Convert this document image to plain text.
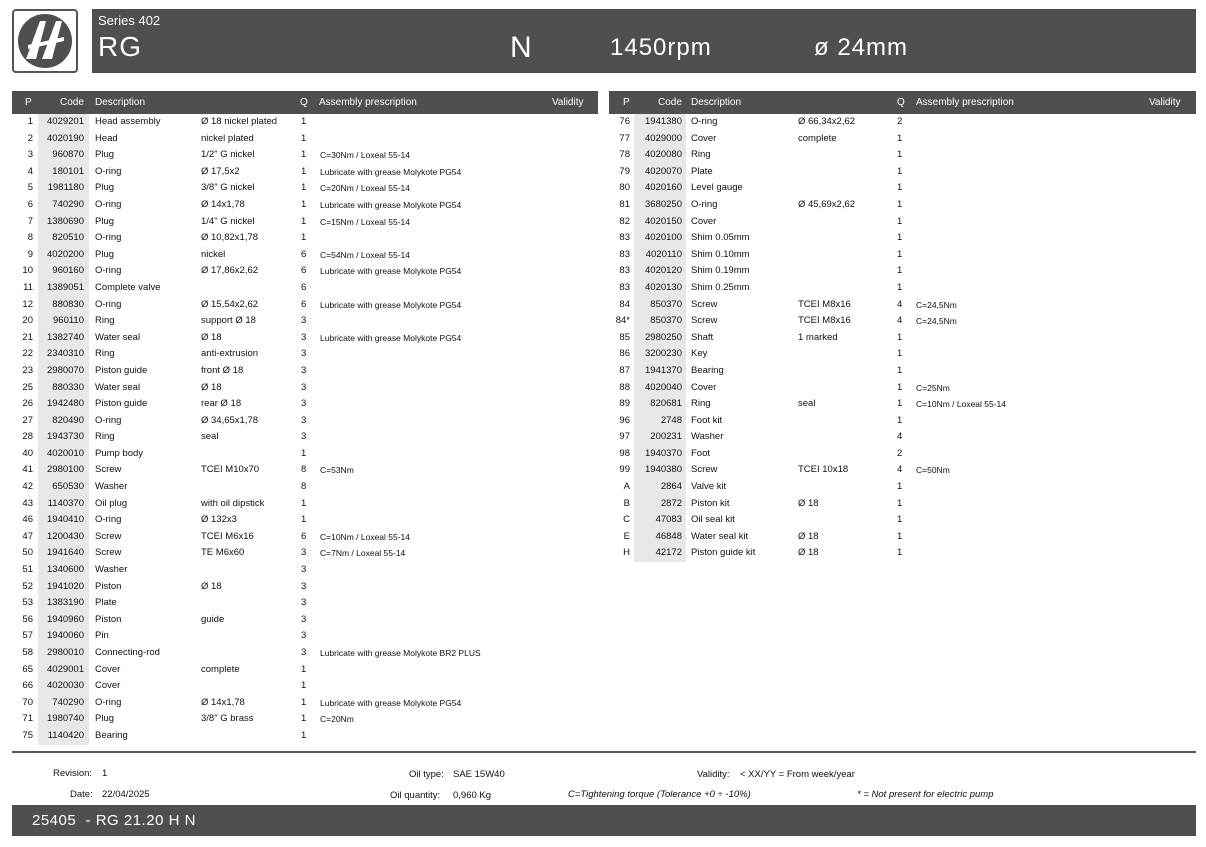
Series 402
RG	N	1450rpm	ø 24mm
P	Code Description	Q Assembly prescription	Validity
1 4029201 Head assembly	Ø 18 nickel plated	1
2 4020190 Head	nickel plated	1
3 960870 Plug	1/2" G nickel	1 C=30Nm / Loxeal 55-14
4 180101 O-ring	Ø 17,5x2	1 Lubricate with grease Molykote PG54
5 1981180 Plug	3/8" G nickel	1 C=20Nm / Loxeal 55-14
6 740290 O-ring	Ø 14x1,78	1 Lubricate with grease Molykote PG54
7 1380690 Plug	1/4" G nickel	1 C=15Nm / Loxeal 55-14
8 820510 O-ring	Ø 10,82x1,78	1
9 4020200 Plug	nickel	6 C=54Nm / Loxeal 55-14
10 960160 O-ring	Ø 17,86x2,62	6 Lubricate with grease Molykote PG54
11 1389051 Complete valve	6
12 880830 O-ring	Ø 15,54x2,62	6 Lubricate with grease Molykote PG54
20 960110 Ring	support Ø 18	3
21 1382740 Water seal	Ø 18	3 Lubricate with grease Molykote PG54
22 2340310 Ring	anti-extrusion	3
23 2980070 Piston guide	front Ø 18	3
25 880330 Water seal	Ø 18	3
26 1942480 Piston guide	rear Ø 18	3
27 820490 O-ring	Ø 34,65x1,78	3
28 1943730 Ring	seal	3
40 4020010 Pump body	1
41 2980100 Screw	TCEI M10x70	8 C=53Nm
42 650530 Washer	8
43 1140370 Oil plug	with oil dipstick	1
46 1940410 O-ring	Ø 132x3	1
47 1200430 Screw	TCEI M6x16	6 C=10Nm / Loxeal 55-14
50 1941640 Screw	TE M6x60	3 C=7Nm / Loxeal 55-14
51 1340600 Washer	3
52 1941020 Piston	Ø 18	3
53 1383190 Plate	3
56 1940960 Piston	guide	3
57 1940060 Pin	3
58 2980010 Connecting-rod	3 Lubricate with grease Molykote BR2 PLUS
65 4029001 Cover	complete	1
66 4020030 Cover	1
70 740290 O-ring	Ø 14x1,78	1 Lubricate with grease Molykote PG54
71 1980740 Plug	3/8" G brass	1 C=20Nm
75 1140420 Bearing	1
P	Code Description	Q Assembly prescription	Validity
76 1941380 O-ring	Ø 66,34x2,62	2
77 4029000 Cover	complete	1
78 4020080 Ring	1
79 4020070 Plate	1
80 4020160 Level gauge	1
81 3680250 O-ring	Ø 45,69x2,62	1
82 4020150 Cover	1
83 4020100 Shim 0.05mm	1
83 4020110 Shim 0.10mm	1
83 4020120 Shim 0.19mm	1
83 4020130 Shim 0.25mm	1
84 850370 Screw	TCEI M8x16	4 C=24,5Nm
84* 850370 Screw	TCEI M8x16	4 C=24,5Nm
85 2980250 Shaft	1 marked	1
86 3200230 Key	1
87 1941370 Bearing	1
88 4020040 Cover	1 C=25Nm
89 820681 Ring	seal	1 C=10Nm / Loxeal 55-14
96	2748 Foot kit	1
97 200231 Washer	4
98 1940370 Foot	2
99 1940380 Screw	TCEI 10x18	4 C=50Nm
A	2864 Valve kit	1
B	2872 Piston kit	Ø 18	1
C	47083 Oil seal kit	1
E	46848 Water seal kit	Ø 18	1
H	42172 Piston guide kit	Ø 18	1
Revision: 1
Date: 22/04/2025
Oil type: SAE 15W40
Oil quantity: 0,960 Kg
Validity: < XX/YY = From week/year
C=Tightening torque (Tolerance +0 ÷ -10%)	* = Not present for electric pump
25405  - RG 21.20 H N
